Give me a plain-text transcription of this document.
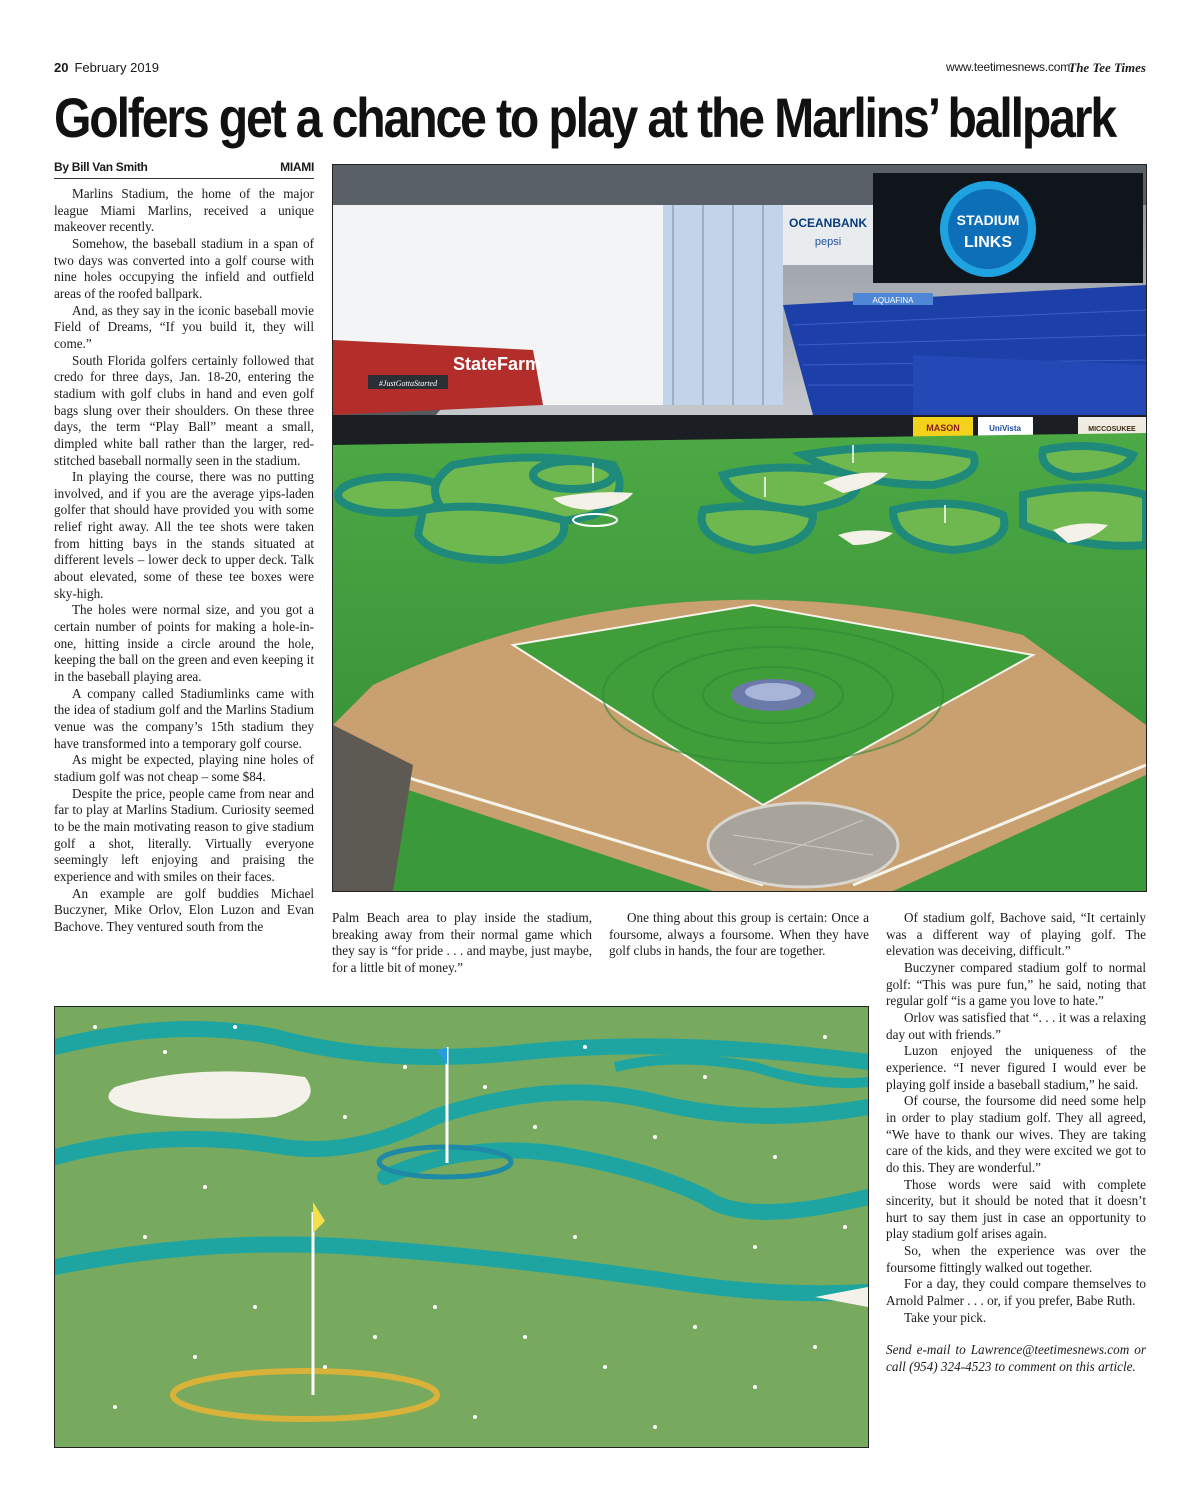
20 February 2019	www.teetimesnews.com
The Tee Times
Golfers get a chance to play at the Marlins’ ballpark
By Bill Van Smith	MIAMI

Marlins Stadium, the home of the major league Miami Marlins, received a unique makeover recently.

Somehow, the baseball stadium in a span of two days was converted into a golf course with nine holes occupying the infield and outfield areas of the roofed ballpark.

And, as they say in the iconic baseball movie Field of Dreams, “If you build it, they will come.”

South Florida golfers certainly followed that credo for three days, Jan. 18-20, entering the stadium with golf clubs in hand and even golf bags slung over their shoulders. On these three days, the term “Play Ball” meant a small, dimpled white ball rather than the larger, red-stitched baseball normally seen in the stadium.

In playing the course, there was no putting involved, and if you are the average yips-laden golfer that should have provided you with some relief right away. All the tee shots were taken from hitting bays in the stands situated at different levels – lower deck to upper deck. Talk about elevated, some of these tee boxes were sky-high.

The holes were normal size, and you got a certain number of points for making a hole-in-one, hitting inside a circle around the hole, keeping the ball on the green and even keeping it in the baseball playing area.

A company called Stadiumlinks came with the idea of stadium golf and the Marlins Stadium venue was the company’s 15th stadium they have transformed into a temporary golf course.

As might be expected, playing nine holes of stadium golf was not cheap – some $84.

Despite the price, people came from near and far to play at Marlins Stadium. Curiosity seemed to be the main motivating reason to give stadium golf a shot, literally. Virtually everyone seemingly left enjoying and praising the experience and with smiles on their faces.

An example are golf buddies Michael Buczyner, Mike Orlov, Elon Luzon and Evan Bachove. They ventured south from the

Palm Beach area to play inside the stadium, breaking away from their normal game which they say is “for pride . . . and maybe, just maybe, for a little bit of money.”

One thing about this group is certain: Once a foursome, always a foursome. When they have golf clubs in hands, the four are together.

Of stadium golf, Bachove said, “It certainly was a different way of playing golf. The elevation was deceiving, difficult.”

Buczyner compared stadium golf to normal golf: “This was pure fun,” he said, noting that regular golf “is a game you love to hate.”

Orlov was satisfied that “. . . it was a relaxing day out with friends.”

Luzon enjoyed the uniqueness of the experience. “I never figured I would ever be playing golf inside a baseball stadium,” he said.

Of course, the foursome did need some help in order to play stadium golf. They all agreed, “We have to thank our wives. They are taking care of the kids, and they were excited we got to do this. They are wonderful.”

Those words were said with complete sincerity, but it should be noted that it doesn’t hurt to say them just in case an opportunity to play stadium golf arises again.

So, when the experience was over the foursome fittingly walked out together.

For a day, they could compare themselves to Arnold Palmer . . . or, if you prefer, Babe Ruth.

Take your pick.

Send e-mail to Lawrence@teetimesnews.com or call (954) 324-4523 to comment on this article.

STADIUM
LINKS
OCEANBANK
pepsi
AQUAFINA
StateFarm
#JustGottaStarted
MASON	UniVista	MICCOSUKEE
